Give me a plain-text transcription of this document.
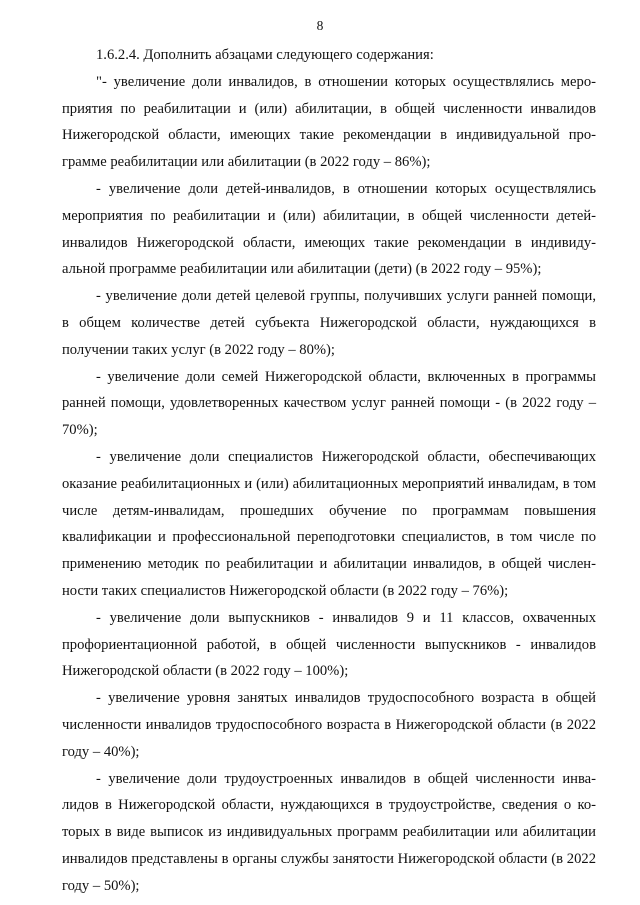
8

1.6.2.4. Дополнить абзацами следующего содержания:

"- увеличение доли инвалидов, в отношении которых осуществлялись мероприятия по реабилитации и (или) абилитации, в общей численности инвалидов Нижегородской области, имеющих такие рекомендации в индивидуальной программе реабилитации или абилитации (в 2022 году – 86%);

- увеличение доли детей-инвалидов, в отношении которых осуществлялись мероприятия по реабилитации и (или) абилитации, в общей численности детей-инвалидов Нижегородской области, имеющих такие рекомендации в индивидуальной программе реабилитации или абилитации (дети) (в 2022 году – 95%);

- увеличение доли детей целевой группы, получивших услуги ранней помощи, в общем количестве детей субъекта Нижегородской области, нуждающихся в получении таких услуг (в 2022 году – 80%);

- увеличение доли семей Нижегородской области, включенных в программы ранней помощи, удовлетворенных качеством услуг ранней помощи - (в 2022 году – 70%);

- увеличение доли специалистов Нижегородской области, обеспечивающих оказание реабилитационных и (или) абилитационных мероприятий инвалидам, в том числе детям-инвалидам, прошедших обучение по программам повышения квалификации и профессиональной переподготовки специалистов, в том числе по применению методик по реабилитации и абилитации инвалидов, в общей численности таких специалистов Нижегородской области (в 2022 году – 76%);

- увеличение доли выпускников - инвалидов 9 и 11 классов, охваченных профориентационной работой, в общей численности выпускников - инвалидов Нижегородской области (в 2022 году – 100%);

- увеличение уровня занятых инвалидов трудоспособного возраста в общей численности инвалидов трудоспособного возраста в Нижегородской области (в 2022 году – 40%);

- увеличение доли трудоустроенных инвалидов в общей численности инвалидов в Нижегородской области, нуждающихся в трудоустройстве, сведения о которых в виде выписок из индивидуальных программ реабилитации или абилитации инвалидов представлены в органы службы занятости Нижегородской области (в 2022 году – 50%);
